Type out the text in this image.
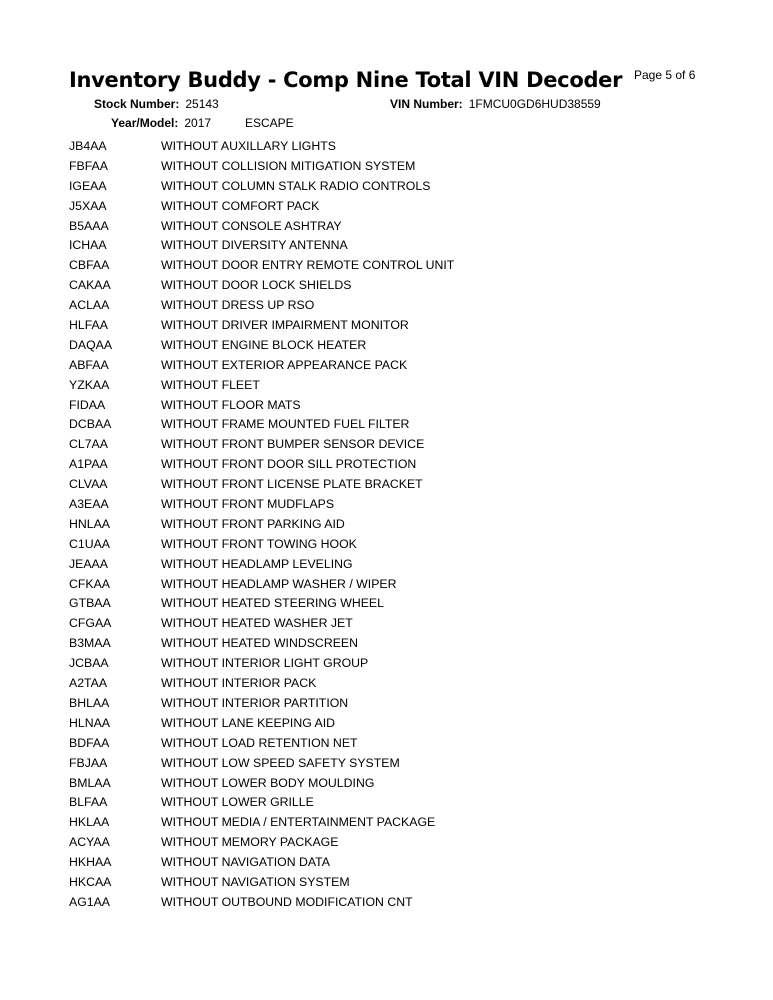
Inventory Buddy - Comp Nine Total VIN Decoder Page 5 of 6
Stock Number: 25143	VIN Number: 1FMCU0GD6HUD38559
Year/Model: 2017	ESCAPE
JB4AA	WITHOUT AUXILLARY LIGHTS
FBFAA	WITHOUT COLLISION MITIGATION SYSTEM
IGEAA	WITHOUT COLUMN STALK RADIO CONTROLS
J5XAA	WITHOUT COMFORT PACK
B5AAA	WITHOUT CONSOLE ASHTRAY
ICHAA	WITHOUT DIVERSITY ANTENNA
CBFAA	WITHOUT DOOR ENTRY REMOTE CONTROL UNIT
CAKAA	WITHOUT DOOR LOCK SHIELDS
ACLAA	WITHOUT DRESS UP RSO
HLFAA	WITHOUT DRIVER IMPAIRMENT MONITOR
DAQAA	WITHOUT ENGINE BLOCK HEATER
ABFAA	WITHOUT EXTERIOR APPEARANCE PACK
YZKAA	WITHOUT FLEET
FIDAA	WITHOUT FLOOR MATS
DCBAA	WITHOUT FRAME MOUNTED FUEL FILTER
CL7AA	WITHOUT FRONT BUMPER SENSOR DEVICE
A1PAA	WITHOUT FRONT DOOR SILL PROTECTION
CLVAA	WITHOUT FRONT LICENSE PLATE BRACKET
A3EAA	WITHOUT FRONT MUDFLAPS
HNLAA	WITHOUT FRONT PARKING AID
C1UAA	WITHOUT FRONT TOWING HOOK
JEAAA	WITHOUT HEADLAMP LEVELING
CFKAA	WITHOUT HEADLAMP WASHER / WIPER
GTBAA	WITHOUT HEATED STEERING WHEEL
CFGAA	WITHOUT HEATED WASHER JET
B3MAA	WITHOUT HEATED WINDSCREEN
JCBAA	WITHOUT INTERIOR LIGHT GROUP
A2TAA	WITHOUT INTERIOR PACK
BHLAA	WITHOUT INTERIOR PARTITION
HLNAA	WITHOUT LANE KEEPING AID
BDFAA	WITHOUT LOAD RETENTION NET
FBJAA	WITHOUT LOW SPEED SAFETY SYSTEM
BMLAA	WITHOUT LOWER BODY MOULDING
BLFAA	WITHOUT LOWER GRILLE
HKLAA	WITHOUT MEDIA / ENTERTAINMENT PACKAGE
ACYAA	WITHOUT MEMORY PACKAGE
HKHAA	WITHOUT NAVIGATION DATA
HKCAA	WITHOUT NAVIGATION SYSTEM
AG1AA	WITHOUT OUTBOUND MODIFICATION CNT
